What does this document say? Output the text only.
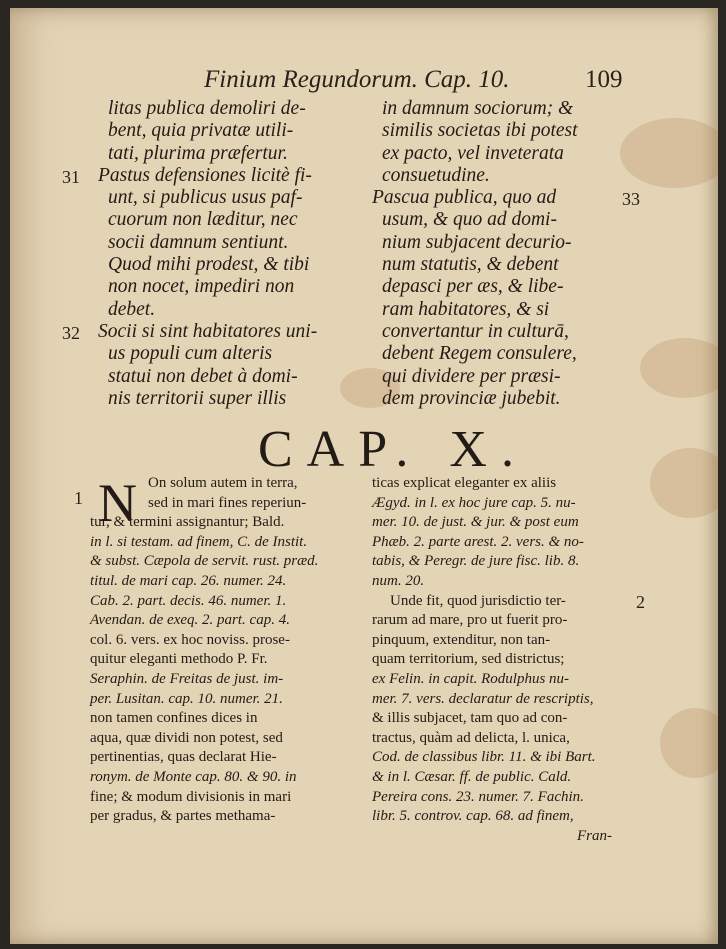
Finium Regundorum. Cap. 10.	109
litas publica demoliri de-
bent, quia privatæ utili-
tati, plurima præfertur.
Pastus defensiones licitè fi-
unt, si publicus usus paf-
cuorum non læditur, nec
socii damnum sentiunt.
Quod mihi prodest, & tibi
non nocet, impediri non
debet.
Socii si sint habitatores uni-
us populi cum alteris
statui non debet à domi-
nis territorii super illis
31
32
in damnum sociorum; &
similis societas ibi potest
ex pacto, vel inveterata
consuetudine.
Pascua publica, quo ad
usum, & quo ad domi-
nium subjacent decurio-
num statutis, & debent
depasci per æs, & libe-
ram habitatores, & si
convertantur in culturā,
debent Regem consulere,
qui dividere per præsi-
dem provinciæ jubebit.
33
CAP. X.
N
1
On solum autem in terra,
sed in mari fines reperiun-
tur, & termini assignantur; Bald.
in l. si testam. ad finem, C. de Instit.
& subst. Cæpola de servit. rust. præd.
titul. de mari cap. 26. numer. 24.
Cab. 2. part. decis. 46. numer. 1.
Avendan. de exeq. 2. part. cap. 4.
col. 6. vers. ex hoc noviss. prose-
quitur eleganti methodo P. Fr.
Seraphin. de Freitas de just. im-
per. Lusitan. cap. 10. numer. 21.
non tamen confines dices in
aqua, quæ dividi non potest, sed
pertinentias, quas declarat Hie-
ronym. de Monte cap. 80. & 90. in
fine; & modum divisionis in mari
per gradus, & partes methama-
ticas explicat eleganter ex aliis
Ægyd. in l. ex hoc jure cap. 5. nu-
mer. 10. de just. & jur. & post eum
Phæb. 2. parte arest. 2. vers. & no-
tabis, & Peregr. de jure fisc. lib. 8.
num. 20.
Unde fit, quod jurisdictio ter-
rarum ad mare, pro ut fuerit pro-
pinquum, extenditur, non tan-
quam territorium, sed districtus;
ex Felin. in capit. Rodulphus nu-
mer. 7. vers. declaratur de rescriptis,
& illis subjacet, tam quo ad con-
tractus, quàm ad delicta, l. unica,
Cod. de classibus libr. 11. & ibi Bart.
& in l. Cæsar. ff. de public. Cald.
Pereira cons. 23. numer. 7. Fachin.
libr. 5. controv. cap. 68. ad finem,
Fran-
2
